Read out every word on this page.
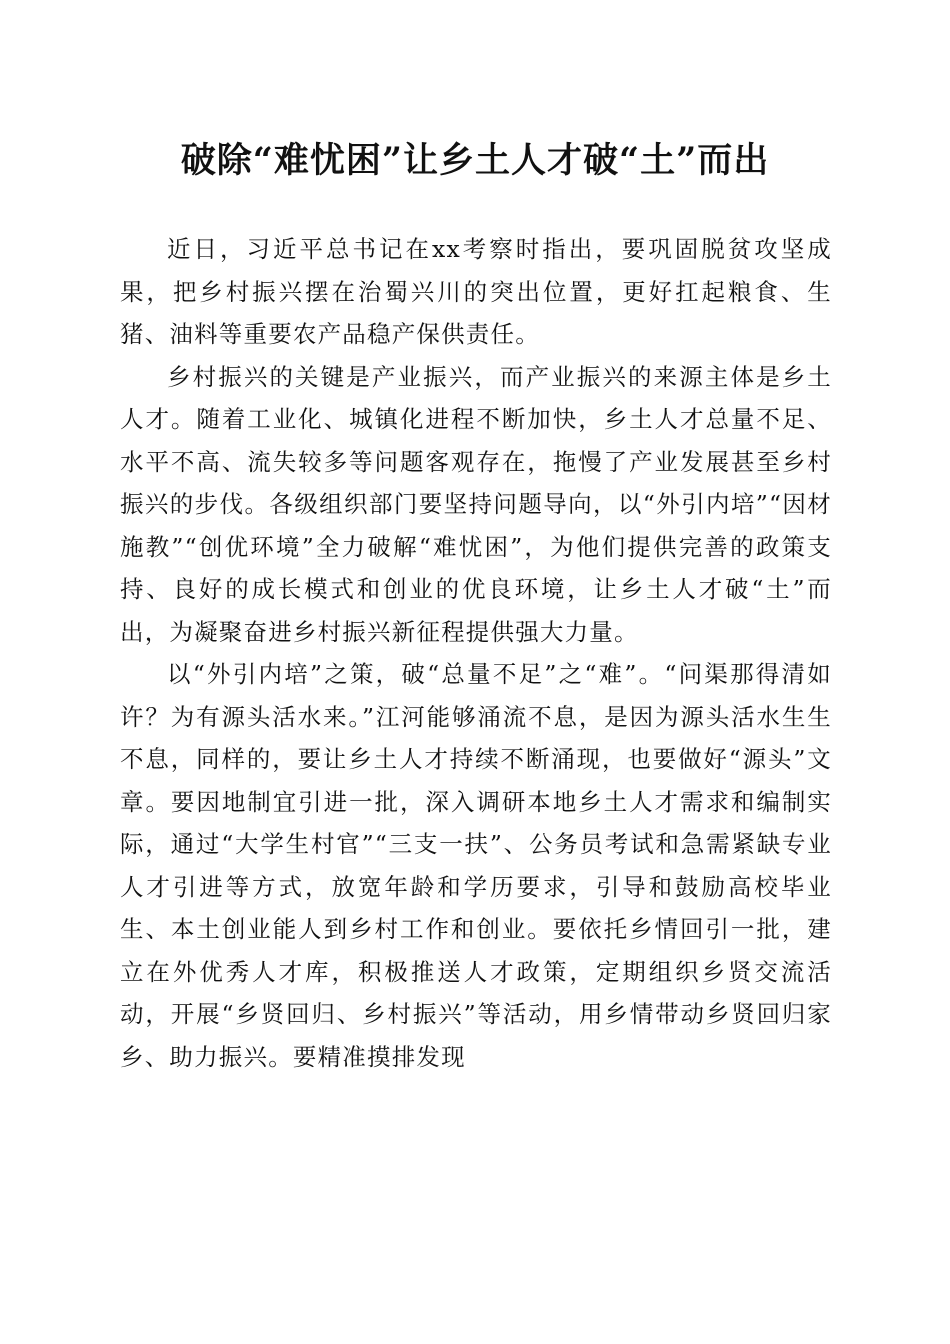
破除“难忧困”让乡土人才破“土”而出

近日，习近平总书记在xx考察时指出，要巩固脱贫攻坚成果，把乡村振兴摆在治蜀兴川的突出位置，更好扛起粮食、生猪、油料等重要农产品稳产保供责任。

乡村振兴的关键是产业振兴，而产业振兴的来源主体是乡土人才。随着工业化、城镇化进程不断加快，乡土人才总量不足、水平不高、流失较多等问题客观存在，拖慢了产业发展甚至乡村振兴的步伐。各级组织部门要坚持问题导向，以“外引内培”“因材施教”“创优环境”全力破解“难忧困”，为他们提供完善的政策支持、良好的成长模式和创业的优良环境，让乡土人才破“土”而出，为凝聚奋进乡村振兴新征程提供强大力量。

以“外引内培”之策，破“总量不足”之“难”。“问渠那得清如许？为有源头活水来。”江河能够涌流不息，是因为源头活水生生不息，同样的，要让乡土人才持续不断涌现，也要做好“源头”文章。要因地制宜引进一批，深入调研本地乡土人才需求和编制实际，通过“大学生村官”“三支一扶”、公务员考试和急需紧缺专业人才引进等方式，放宽年龄和学历要求，引导和鼓励高校毕业生、本土创业能人到乡村工作和创业。要依托乡情回引一批，建立在外优秀人才库，积极推送人才政策，定期组织乡贤交流活动，开展“乡贤回归、乡村振兴”等活动，用乡情带动乡贤回归家乡、助力振兴。要精准摸排发现
